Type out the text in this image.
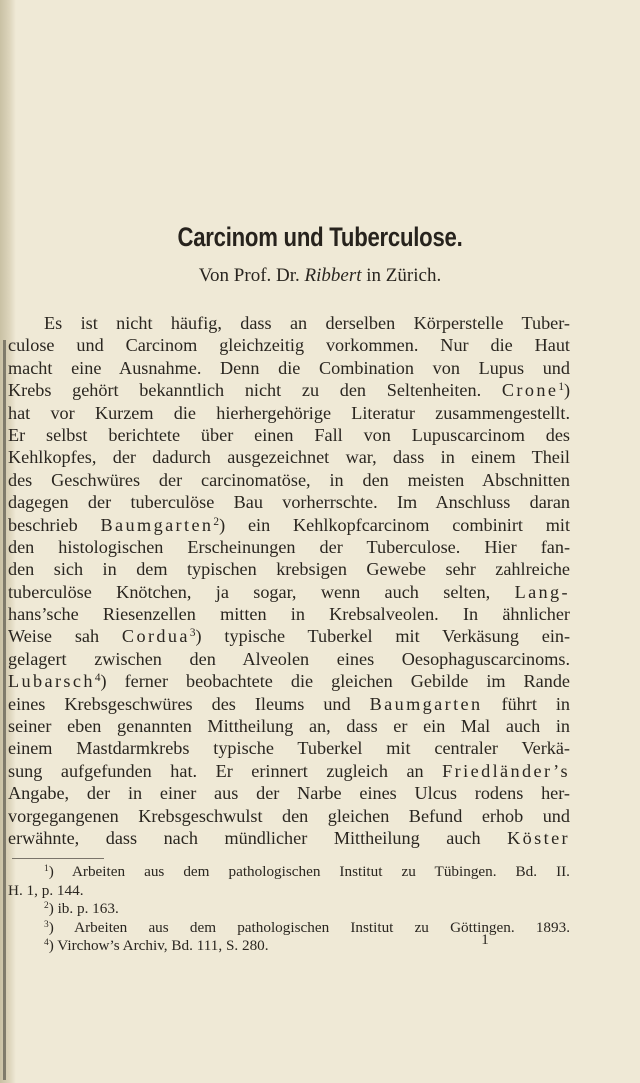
Carcinom und Tuberculose.
Von Prof. Dr. Ribbert in Zürich.
Es ist nicht häufig, dass an derselben Körperstelle Tuber-
culose und Carcinom gleichzeitig vorkommen. Nur die Haut
macht eine Ausnahme. Denn die Combination von Lupus und
Krebs gehört bekanntlich nicht zu den Seltenheiten. Crone$^1$)
hat vor Kurzem die hierhergehörige Literatur zusammengestellt.
Er selbst berichtete über einen Fall von Lupuscarcinom des
Kehlkopfes, der dadurch ausgezeichnet war, dass in einem Theil
des Geschwüres der carcinomatöse, in den meisten Abschnitten
dagegen der tuberculöse Bau vorherrschte. Im Anschluss daran
beschrieb Baumgarten$^2$) ein Kehlkopfcarcinom combinirt mit
den histologischen Erscheinungen der Tuberculose. Hier fan-
den sich in dem typischen krebsigen Gewebe sehr zahlreiche
tuberculöse Knötchen, ja sogar, wenn auch selten, Lang-
hans’sche Riesenzellen mitten in Krebsalveolen. In ähnlicher
Weise sah Cordua$^3$) typische Tuberkel mit Verkäsung ein-
gelagert zwischen den Alveolen eines Oesophaguscarcinoms.
Lubarsch$^4$) ferner beobachtete die gleichen Gebilde im Rande
eines Krebsgeschwüres des Ileums und Baumgarten führt in
seiner eben genannten Mittheilung an, dass er ein Mal auch in
einem Mastdarmkrebs typische Tuberkel mit centraler Verkä-
sung aufgefunden hat. Er erinnert zugleich an Friedländer’s
Angabe, der in einer aus der Narbe eines Ulcus rodens her-
vorgegangenen Krebsgeschwulst den gleichen Befund erhob und
erwähnte, dass nach mündlicher Mittheilung auch Köster
$^1$) Arbeiten aus dem pathologischen Institut zu Tübingen. Bd. II.
H. 1, p. 144.
$^2$) ib. p. 163.
$^3$) Arbeiten aus dem pathologischen Institut zu Göttingen. 1893.
$^4$) Virchow’s Archiv, Bd. 111, S. 280.	1
